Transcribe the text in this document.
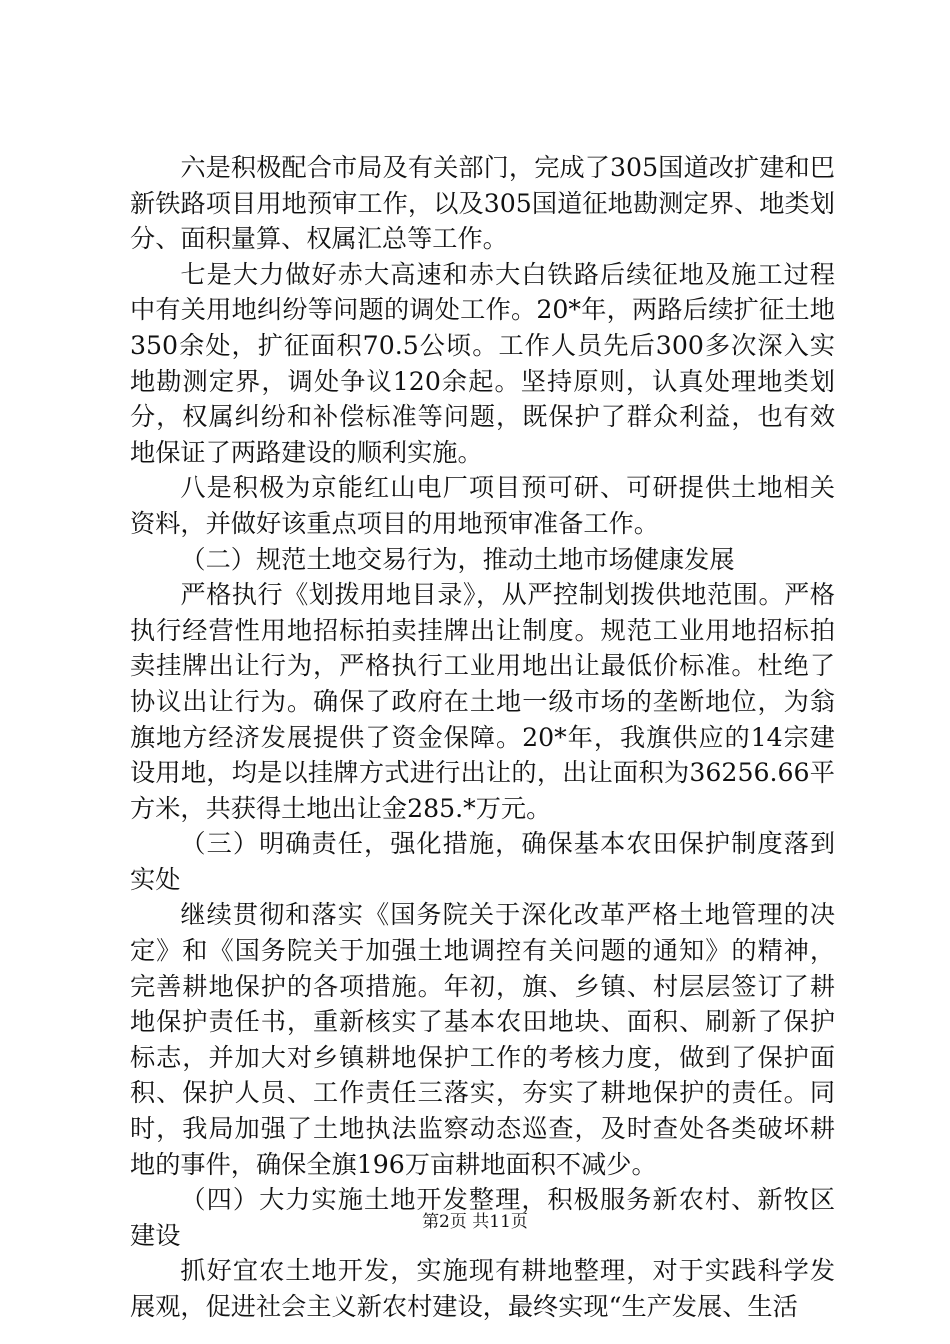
六是积极配合市局及有关部门，完成了305国道改扩建和巴新铁路项目用地预审工作，以及305国道征地勘测定界、地类划分、面积量算、权属汇总等工作。

七是大力做好赤大高速和赤大白铁路后续征地及施工过程中有关用地纠纷等问题的调处工作。20*年，两路后续扩征土地350余处，扩征面积70.5公顷。工作人员先后300多次深入实地勘测定界，调处争议120余起。坚持原则，认真处理地类划分，权属纠纷和补偿标准等问题，既保护了群众利益，也有效地保证了两路建设的顺利实施。

八是积极为京能红山电厂项目预可研、可研提供土地相关资料，并做好该重点项目的用地预审准备工作。

（二）规范土地交易行为，推动土地市场健康发展

严格执行《划拨用地目录》，从严控制划拨供地范围。严格执行经营性用地招标拍卖挂牌出让制度。规范工业用地招标拍卖挂牌出让行为，严格执行工业用地出让最低价标准。杜绝了协议出让行为。确保了政府在土地一级市场的垄断地位，为翁旗地方经济发展提供了资金保障。20*年，我旗供应的14宗建设用地，均是以挂牌方式进行出让的，出让面积为36256.66平方米，共获得土地出让金285.*万元。

（三）明确责任，强化措施，确保基本农田保护制度落到实处

继续贯彻和落实《国务院关于深化改革严格土地管理的决定》和《国务院关于加强土地调控有关问题的通知》的精神，完善耕地保护的各项措施。年初，旗、乡镇、村层层签订了耕地保护责任书，重新核实了基本农田地块、面积、刷新了保护标志，并加大对乡镇耕地保护工作的考核力度，做到了保护面积、保护人员、工作责任三落实，夯实了耕地保护的责任。同时，我局加强了土地执法监察动态巡查，及时查处各类破坏耕地的事件，确保全旗196万亩耕地面积不减少。

（四）大力实施土地开发整理，积极服务新农村、新牧区建设

抓好宜农土地开发，实施现有耕地整理，对于实践科学发展观，促进社会主义新农村建设，最终实现“生产发展、生活

第2页 共11页
